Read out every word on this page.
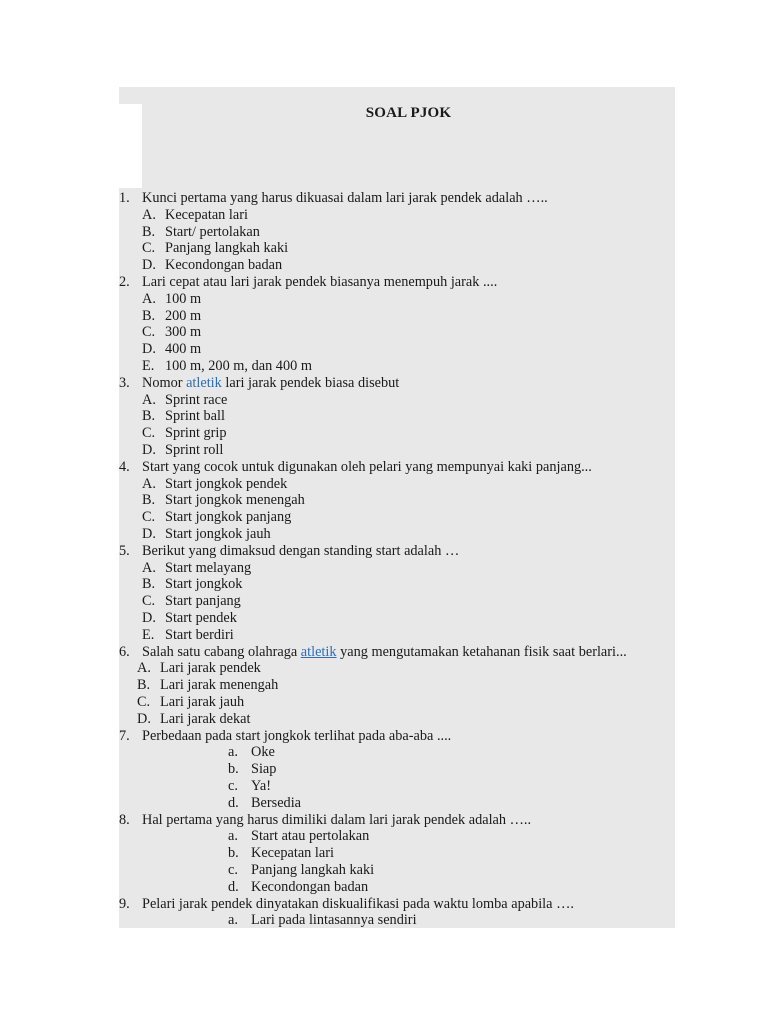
SOAL PJOK
1. Kunci pertama yang harus dikuasai dalam lari jarak pendek adalah …..
A. Kecepatan lari
B. Start/ pertolakan
C. Panjang langkah kaki
D. Kecondongan badan
2. Lari cepat atau lari jarak pendek biasanya menempuh jarak ....
A. 100 m
B. 200 m
C. 300 m
D. 400 m
E. 100 m, 200 m, dan 400 m
3. Nomor atletik lari jarak pendek biasa disebut
A. Sprint race
B. Sprint ball
C. Sprint grip
D. Sprint roll
4. Start yang cocok untuk digunakan oleh pelari yang mempunyai kaki panjang...
A. Start jongkok pendek
B. Start jongkok menengah
C. Start jongkok panjang
D. Start jongkok jauh
5. Berikut yang dimaksud dengan standing start adalah …
A. Start melayang
B. Start jongkok
C. Start panjang
D. Start pendek
E. Start berdiri
6. Salah satu cabang olahraga atletik yang mengutamakan ketahanan fisik saat berlari...
A. Lari jarak pendek
B. Lari jarak menengah
C. Lari jarak jauh
D. Lari jarak dekat
7. Perbedaan pada start jongkok terlihat pada aba-aba ....
a. Oke
b. Siap
c. Ya!
d. Bersedia
8. Hal pertama yang harus dimiliki dalam lari jarak pendek adalah …..
a. Start atau pertolakan
b. Kecepatan lari
c. Panjang langkah kaki
d. Kecondongan badan
9. Pelari jarak pendek dinyatakan diskualifikasi pada waktu lomba apabila ….
a. Lari pada lintasannya sendiri
